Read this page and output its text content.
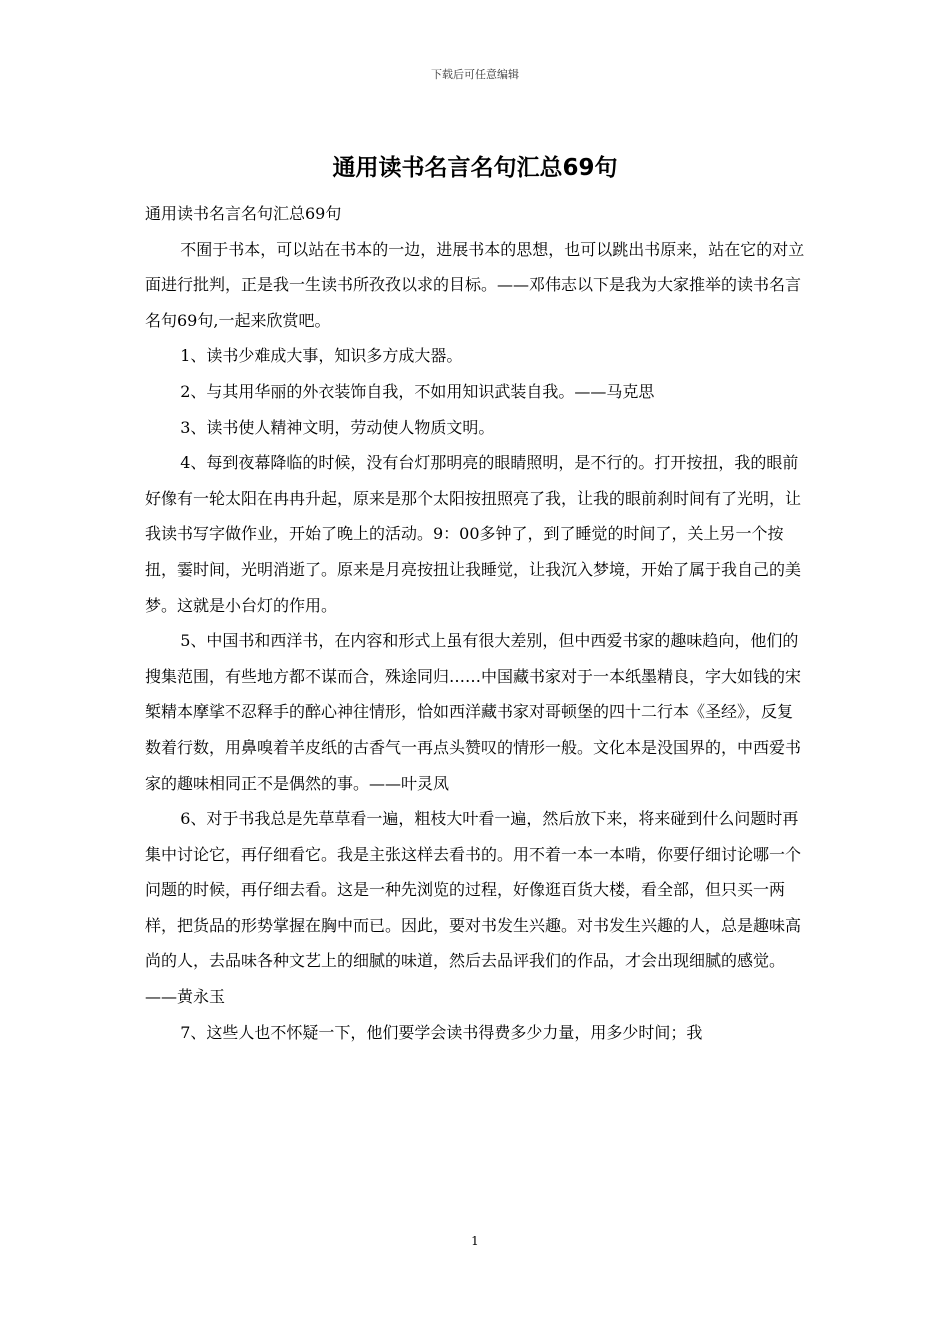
下载后可任意编辑
通用读书名言名句汇总69句

通用读书名言名句汇总69句

不囿于书本，可以站在书本的一边，进展书本的思想，也可以跳出书原来，站在它的对立面进行批判，正是我一生读书所孜孜以求的目标。——邓伟志以下是我为大家推举的读书名言名句69句,一起来欣赏吧。

1、读书少难成大事，知识多方成大器。

2、与其用华丽的外衣装饰自我，不如用知识武装自我。——马克思

3、读书使人精神文明，劳动使人物质文明。

4、每到夜幕降临的时候，没有台灯那明亮的眼睛照明，是不行的。打开按扭，我的眼前好像有一轮太阳在冉冉升起，原来是那个太阳按扭照亮了我，让我的眼前刹时间有了光明，让我读书写字做作业，开始了晚上的活动。9：00多钟了，到了睡觉的时间了，关上另一个按扭，霎时间，光明消逝了。原来是月亮按扭让我睡觉，让我沉入梦境，开始了属于我自己的美梦。这就是小台灯的作用。

5、中国书和西洋书，在内容和形式上虽有很大差别，但中西爱书家的趣味趋向，他们的搜集范围，有些地方都不谋而合，殊途同归……中国藏书家对于一本纸墨精良，字大如钱的宋椠精本摩挲不忍释手的醉心神往情形，恰如西洋藏书家对哥顿堡的四十二行本《圣经》，反复数着行数，用鼻嗅着羊皮纸的古香气一再点头赞叹的情形一般。文化本是没国界的，中西爱书家的趣味相同正不是偶然的事。——叶灵凤

6、对于书我总是先草草看一遍，粗枝大叶看一遍，然后放下来，将来碰到什么问题时再集中讨论它，再仔细看它。我是主张这样去看书的。用不着一本一本啃，你要仔细讨论哪一个问题的时候，再仔细去看。这是一种先浏览的过程，好像逛百货大楼，看全部，但只买一两样，把货品的形势掌握在胸中而已。因此，要对书发生兴趣。对书发生兴趣的人，总是趣味高尚的人，去品味各种文艺上的细腻的味道，然后去品评我们的作品，才会出现细腻的感觉。——黄永玉

7、这些人也不怀疑一下，他们要学会读书得费多少力量，用多少时间；我

1
